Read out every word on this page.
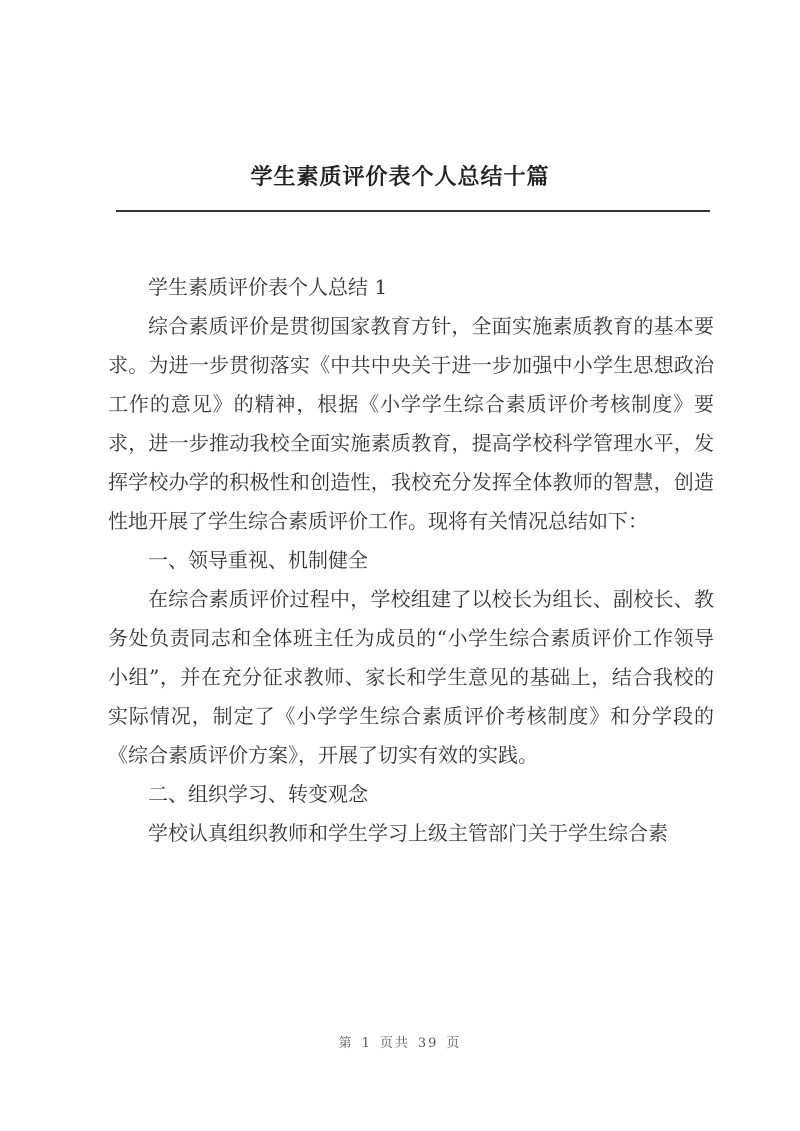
学生素质评价表个人总结十篇

学生素质评价表个人总结 1

综合素质评价是贯彻国家教育方针，全面实施素质教育的基本要求。为进一步贯彻落实《中共中央关于进一步加强中小学生思想政治工作的意见》的精神，根据《小学学生综合素质评价考核制度》要求，进一步推动我校全面实施素质教育，提高学校科学管理水平，发挥学校办学的积极性和创造性，我校充分发挥全体教师的智慧，创造性地开展了学生综合素质评价工作。现将有关情况总结如下：

一、领导重视、机制健全

在综合素质评价过程中，学校组建了以校长为组长、副校长、教务处负责同志和全体班主任为成员的“小学生综合素质评价工作领导小组”，并在充分征求教师、家长和学生意见的基础上，结合我校的实际情况，制定了《小学学生综合素质评价考核制度》和分学段的《综合素质评价方案》，开展了切实有效的实践。

二、组织学习、转变观念

学校认真组织教师和学生学习上级主管部门关于学生综合素

第 1 页共 39 页
